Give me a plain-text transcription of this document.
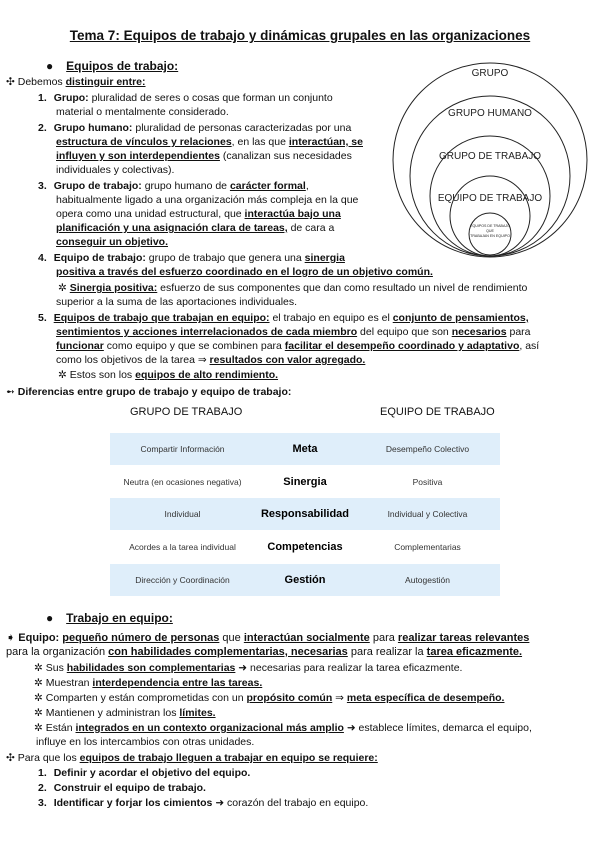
Tema 7: Equipos de trabajo y dinámicas grupales en las organizaciones
● Equipos de trabajo:
✣ Debemos distinguir entre:
1. Grupo: pluralidad de seres o cosas que forman un conjunto
material o mentalmente considerado.
2. Grupo humano: pluralidad de personas caracterizadas por una
estructura de vínculos y relaciones, en las que interactúan, se
influyen y son interdependientes (canalizan sus necesidades
individuales y colectivas).
3. Grupo de trabajo: grupo humano de carácter formal,
habitualmente ligado a una organización más compleja en la que
opera como una unidad estructural, que interactúa bajo una
planificación y una asignación clara de tareas, de cara a
conseguir un objetivo.
4. Equipo de trabajo: grupo de trabajo que genera una sinergia
positiva a través del esfuerzo coordinado en el logro de un objetivo común.
✲ Sinergia positiva: esfuerzo de sus componentes que dan como resultado un nivel de rendimiento
superior a la suma de las aportaciones individuales.
5. Equipos de trabajo que trabajan en equipo: el trabajo en equipo es el conjunto de pensamientos,
sentimientos y acciones interrelacionados de cada miembro del equipo que son necesarios para
funcionar como equipo y que se combinen para facilitar el desempeño coordinado y adaptativo, así
como los objetivos de la tarea ⇒ resultados con valor agregado.
✲ Estos son los equipos de alto rendimiento.
➻ Diferencias entre grupo de trabajo y equipo de trabajo:
GRUPO
GRUPO HUMANO
GRUPO DE TRABAJO
EQUIPO DE TRABAJO
EQUIPOS DE TRABAJO
QUE
TRABAJAN EN EQUIPO
GRUPO DE TRABAJO	EQUIPO DE TRABAJO
Compartir Información	Meta	Desempeño Colectivo
Neutra (en ocasiones negativa)	Sinergia	Positiva
Individual	Responsabilidad	Individual y Colectiva
Acordes a la tarea individual	Competencias	Complementarias
Dirección y Coordinación	Gestión	Autogestión
● Trabajo en equipo:
➧ Equipo: pequeño número de personas que interactúan socialmente para realizar tareas relevantes
para la organización con habilidades complementarias, necesarias para realizar la tarea eficazmente.
✲ Sus habilidades son complementarias ➜ necesarias para realizar la tarea eficazmente.
✲ Muestran interdependencia entre las tareas.
✲ Comparten y están comprometidas con un propósito común ⇒ meta específica de desempeño.
✲ Mantienen y administran los límites.
✲ Están integrados en un contexto organizacional más amplio ➜ establece límites, demarca el equipo,
influye en los intercambios con otras unidades.
✣ Para que los equipos de trabajo lleguen a trabajar en equipo se requiere:
1. Definir y acordar el objetivo del equipo.
2. Construir el equipo de trabajo.
3. Identificar y forjar los cimientos ➜ corazón del trabajo en equipo.
